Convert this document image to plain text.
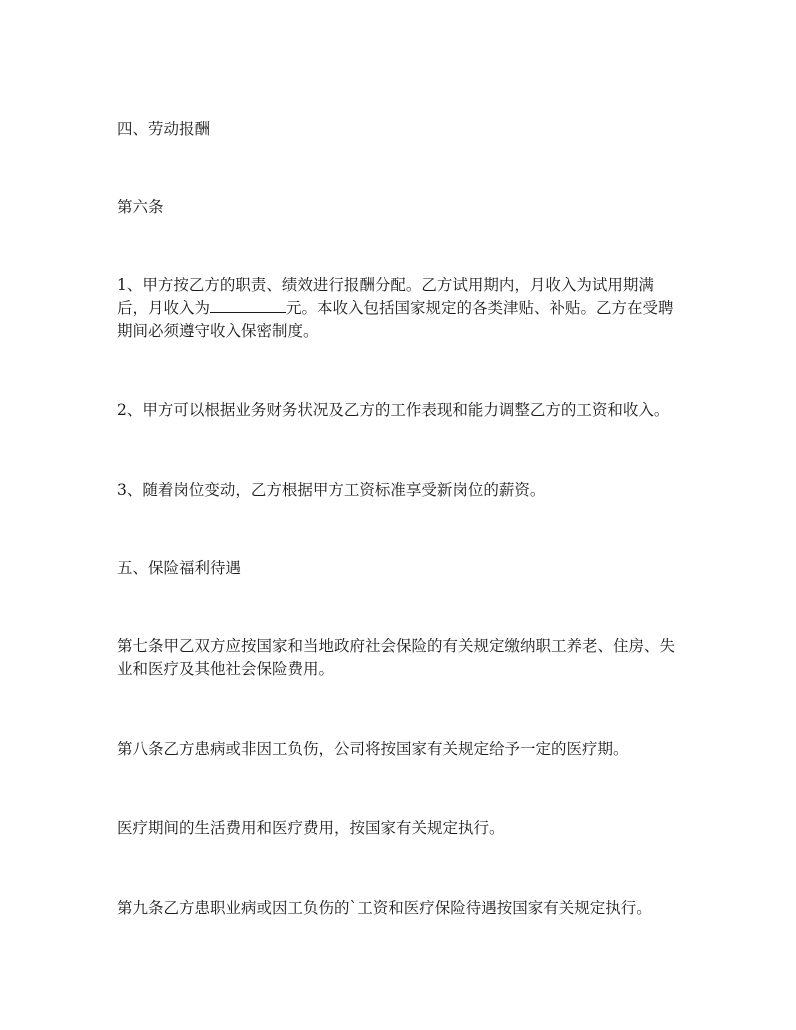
四、劳动报酬

第六条

1、甲方按乙方的职责、绩效进行报酬分配。乙方试用期内，月收入为试用期满后，月收入为	元。本收入包括国家规定的各类津贴、补贴。乙方在受聘期间必须遵守收入保密制度。

2、甲方可以根据业务财务状况及乙方的工作表现和能力调整乙方的工资和收入。

3、随着岗位变动，乙方根据甲方工资标准享受新岗位的薪资。

五、保险福利待遇

第七条甲乙双方应按国家和当地政府社会保险的有关规定缴纳职工养老、住房、失业和医疗及其他社会保险费用。

第八条乙方患病或非因工负伤，公司将按国家有关规定给予一定的医疗期。

医疗期间的生活费用和医疗费用，按国家有关规定执行。

第九条乙方患职业病或因工负伤的`工资和医疗保险待遇按国家有关规定执行。
